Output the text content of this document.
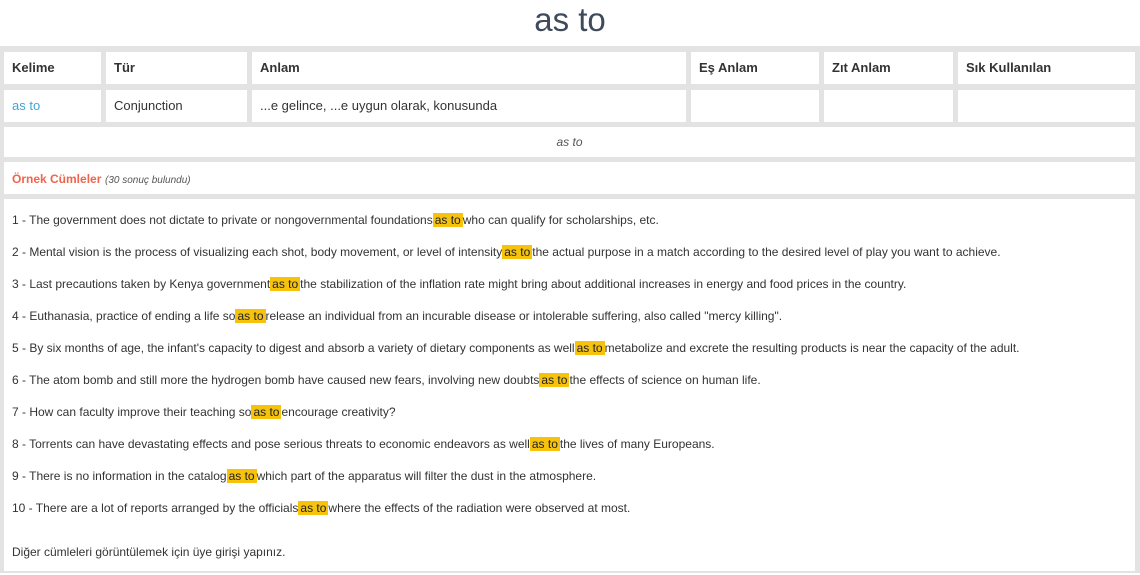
as to
Kelime	Tür	Anlam	Eş Anlam	Zıt Anlam	Sık Kullanılan
as to	Conjunction	...e gelince, ...e uygun olarak, konusunda
as to
Örnek Cümleler (30 sonuç bulundu)
1 - The government does not dictate to private or nongovernmental foundations as to who can qualify for scholarships, etc.
2 - Mental vision is the process of visualizing each shot, body movement, or level of intensity as to the actual purpose in a match according to the desired level of play you want to achieve.
3 - Last precautions taken by Kenya government as to the stabilization of the inflation rate might bring about additional increases in energy and food prices in the country.
4 - Euthanasia, practice of ending a life so as to release an individual from an incurable disease or intolerable suffering, also called "mercy killing".
5 - By six months of age, the infant's capacity to digest and absorb a variety of dietary components as well as to metabolize and excrete the resulting products is near the capacity of the adult.
6 - The atom bomb and still more the hydrogen bomb have caused new fears, involving new doubts as to the effects of science on human life.
7 - How can faculty improve their teaching so as to encourage creativity?
8 - Torrents can have devastating effects and pose serious threats to economic endeavors as well as to the lives of many Europeans.
9 - There is no information in the catalog as to which part of the apparatus will filter the dust in the atmosphere.
10 - There are a lot of reports arranged by the officials as to where the effects of the radiation were observed at most.
Diğer cümleleri görüntülemek için üye girişi yapınız.
